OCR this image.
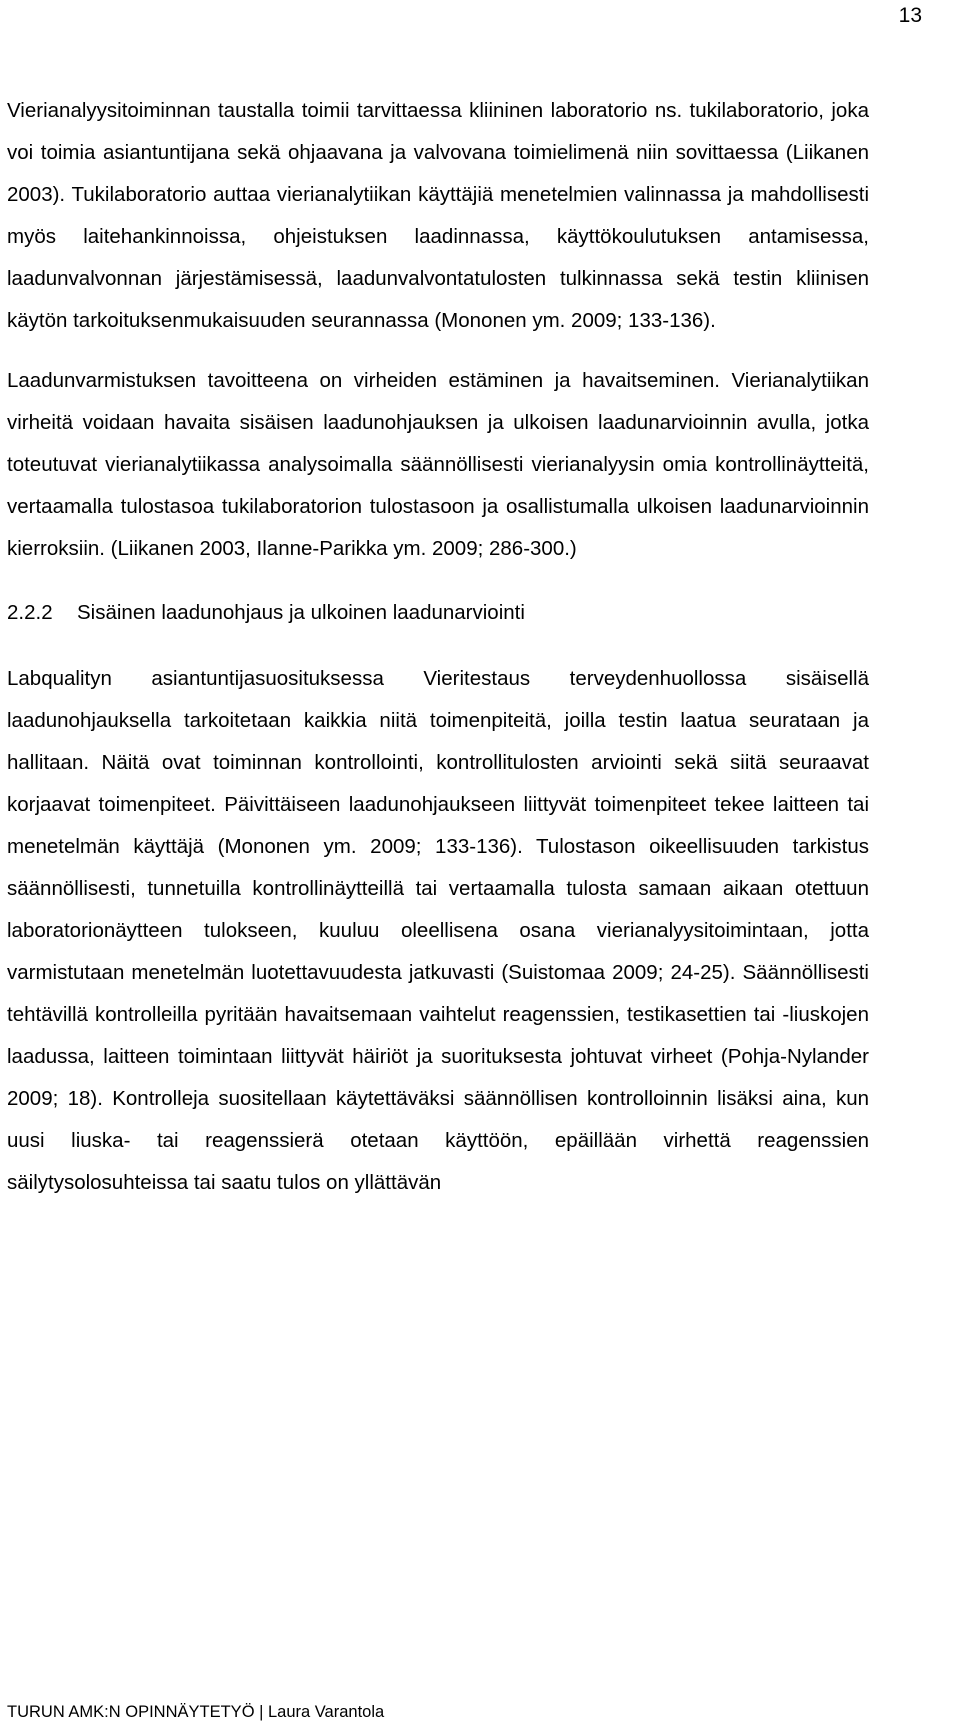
13

Vierianalyysitoiminnan taustalla toimii tarvittaessa kliininen laboratorio ns. tukilaboratorio, joka voi toimia asiantuntijana sekä ohjaavana ja valvovana toimielimenä niin sovittaessa (Liikanen 2003). Tukilaboratorio auttaa vierianalytiikan käyttäjiä menetelmien valinnassa ja mahdollisesti myös laitehankinnoissa, ohjeistuksen laadinnassa, käyttökoulutuksen antamisessa, laadunvalvonnan järjestämisessä, laadunvalvontatulosten tulkinnassa sekä testin kliinisen käytön tarkoituksenmukaisuuden seurannassa (Mononen ym. 2009; 133-136).

Laadunvarmistuksen tavoitteena on virheiden estäminen ja havaitseminen. Vierianalytiikan virheitä voidaan havaita sisäisen laadunohjauksen ja ulkoisen laadunarvioinnin avulla, jotka toteutuvat vierianalytiikassa analysoimalla säännöllisesti vierianalyysin omia kontrollinäytteitä, vertaamalla tulostasoa tukilaboratorion tulostasoon ja osallistumalla ulkoisen laadunarvioinnin kierroksiin. (Liikanen 2003, Ilanne-Parikka ym. 2009; 286-300.)

2.2.2 Sisäinen laadunohjaus ja ulkoinen laadunarviointi

Labqualityn asiantuntijasuosituksessa Vieritestaus terveydenhuollossa sisäisellä laadunohjauksella tarkoitetaan kaikkia niitä toimenpiteitä, joilla testin laatua seurataan ja hallitaan. Näitä ovat toiminnan kontrollointi, kontrollitulosten arviointi sekä siitä seuraavat korjaavat toimenpiteet. Päivittäiseen laadunohjaukseen liittyvät toimenpiteet tekee laitteen tai menetelmän käyttäjä (Mononen ym. 2009; 133-136). Tulostason oikeellisuuden tarkistus säännöllisesti, tunnetuilla kontrollinäytteillä tai vertaamalla tulosta samaan aikaan otettuun laboratorionäytteen tulokseen, kuuluu oleellisena osana vierianalyysitoimintaan, jotta varmistutaan menetelmän luotettavuudesta jatkuvasti (Suistomaa 2009; 24-25). Säännöllisesti tehtävillä kontrolleilla pyritään havaitsemaan vaihtelut reagenssien, testikasettien tai -liuskojen laadussa, laitteen toimintaan liittyvät häiriöt ja suorituksesta johtuvat virheet (Pohja-Nylander 2009; 18). Kontrolleja suositellaan käytettäväksi säännöllisen kontrolloinnin lisäksi aina, kun uusi liuska- tai reagenssierä otetaan käyttöön, epäillään virhettä reagenssien säilytysolosuhteissa tai saatu tulos on yllättävän

TURUN AMK:N OPINNÄYTETYÖ | Laura Varantola
